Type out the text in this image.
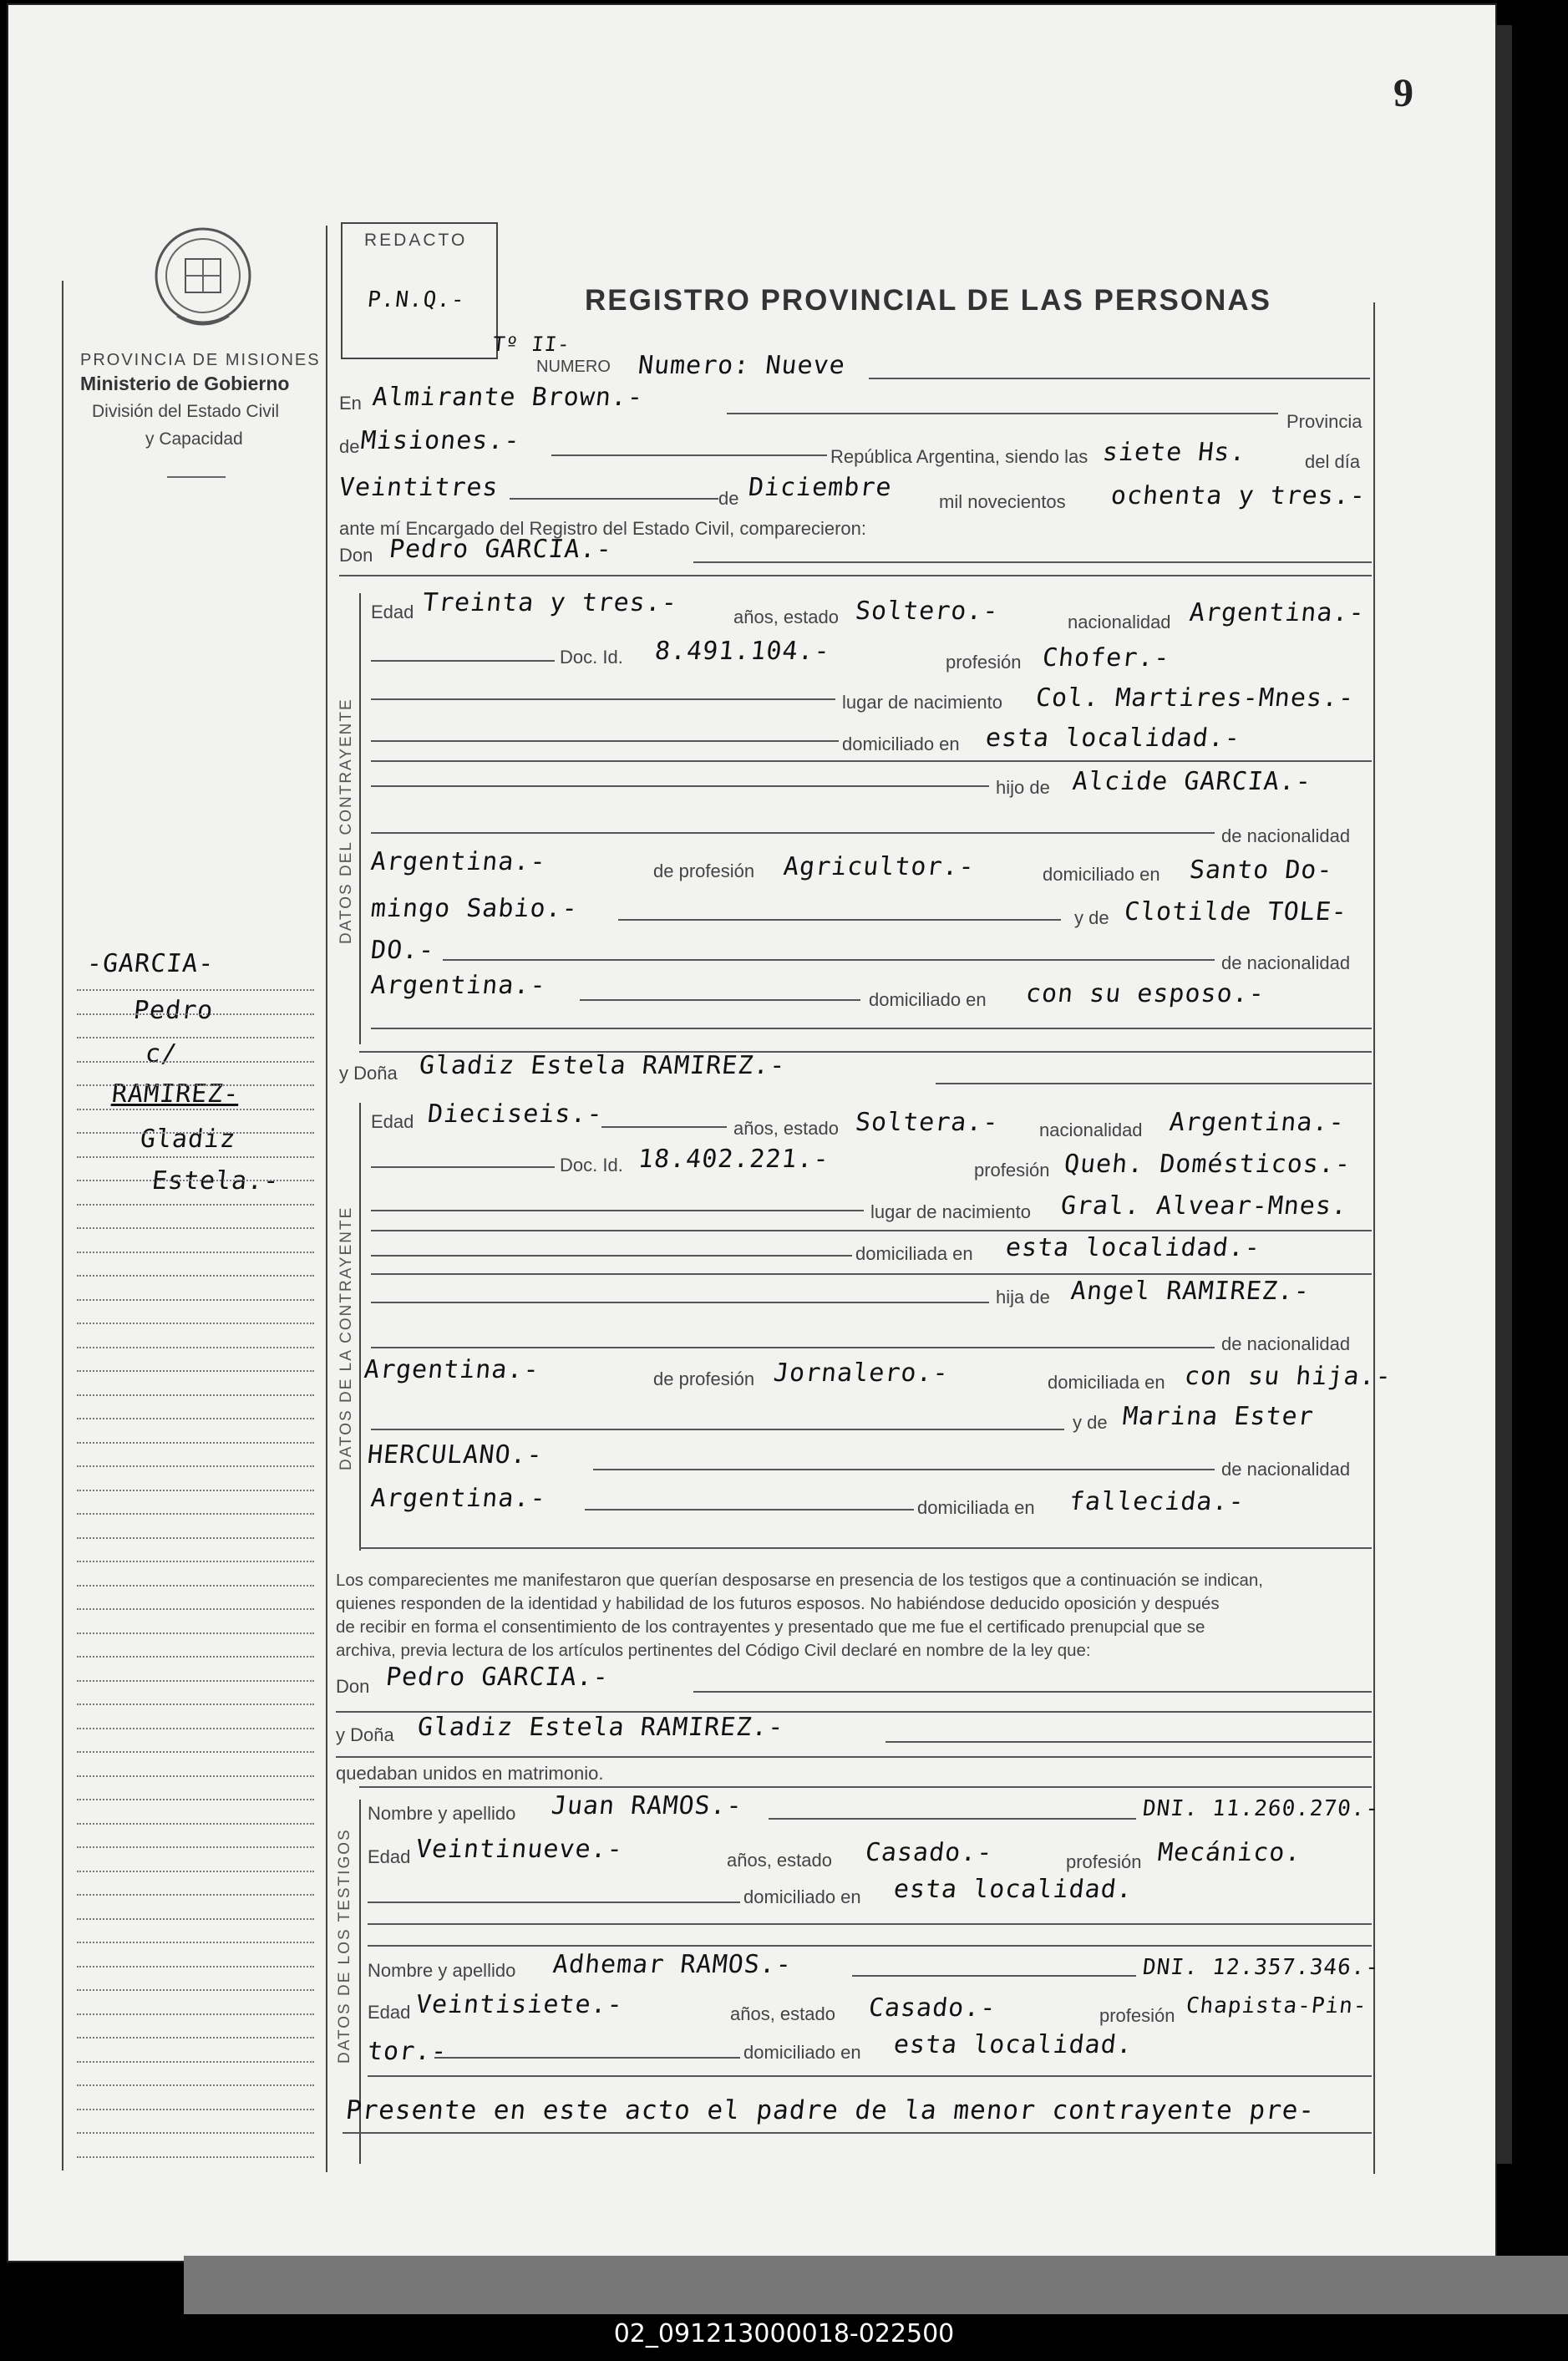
02_091213000018-022500
9
PROVINCIA DE MISIONES
Ministerio de Gobierno
División del Estado Civil
y Capacidad
REDACTO
P.N.Q.-	REGISTRO PROVINCIAL DE LAS PERSONAS
Tº II-
NUMERO Numero: Nueve
En Almirante Brown.-
Provincia
de Misiones.-
República Argentina, siendo las siete Hs.	del día
Veintitres	de Diciembre mil novecientos ochenta y tres.-
ante mí Encargado del Registro del Estado Civil, comparecieron:
Don Pedro GARCIA.-
DATOS DEL CONTRAYENTE
Edad Treinta y tres.-	años, estado Soltero.-	nacionalidad Argentina.-
Doc. Id. 8.491.104.-	profesión Chofer.-
lugar de nacimiento Col. Martires-Mnes.-
domiciliado en esta localidad.-
hijo de Alcide GARCIA.-
de nacionalidad
Argentina.-	de profesión Agricultor.-	domiciliado en Santo Do-
mingo Sabio.-	y de Clotilde TOLE-
DO.-	de nacionalidad
Argentina.-	domiciliado en con su esposo.-
y Doña Gladiz Estela RAMIREZ.-
DATOS DE LA CONTRAYENTE
Edad Dieciseis.-	años, estado Soltera.- nacionalidad Argentina.-
Doc. Id. 18.402.221.-	profesión Queh. Domésticos.-
lugar de nacimiento Gral. Alvear-Mnes.
domiciliada en esta localidad.-
hija de Angel RAMIREZ.-
de nacionalidad
Argentina.-	de profesión Jornalero.-	domiciliada en con su hija.-
y de Marina Ester
HERCULANO.-	de nacionalidad
Argentina.-	domiciliada en fallecida.-
Los comparecientes me manifestaron que querían desposarse en presencia de los testigos que a continuación se indican,
quienes responden de la identidad y habilidad de los futuros esposos. No habiéndose deducido oposición y después
de recibir en forma el consentimiento de los contrayentes y presentado que me fue el certificado prenupcial que se
archiva, previa lectura de los artículos pertinentes del Código Civil declaré en nombre de la ley que:
Don Pedro GARCIA.-
y Doña Gladiz Estela RAMIREZ.-
quedaban unidos en matrimonio.
DATOS DE LOS TESTIGOS
Nombre y apellido Juan RAMOS.-	DNI. 11.260.270.-
Edad Veintinueve.-	años, estado Casado.-	profesión Mecánico.
domiciliado en esta localidad.
Nombre y apellido Adhemar RAMOS.-	DNI. 12.357.346.-
Edad Veintisiete.-	años, estado Casado.-	profesión Chapista-Pin-
tor.-	domiciliado en esta localidad.
Presente en este acto el padre de la menor contrayente pre-
-GARCIA-
Pedro
c/
RAMIREZ-
Gladiz
Estela.-
